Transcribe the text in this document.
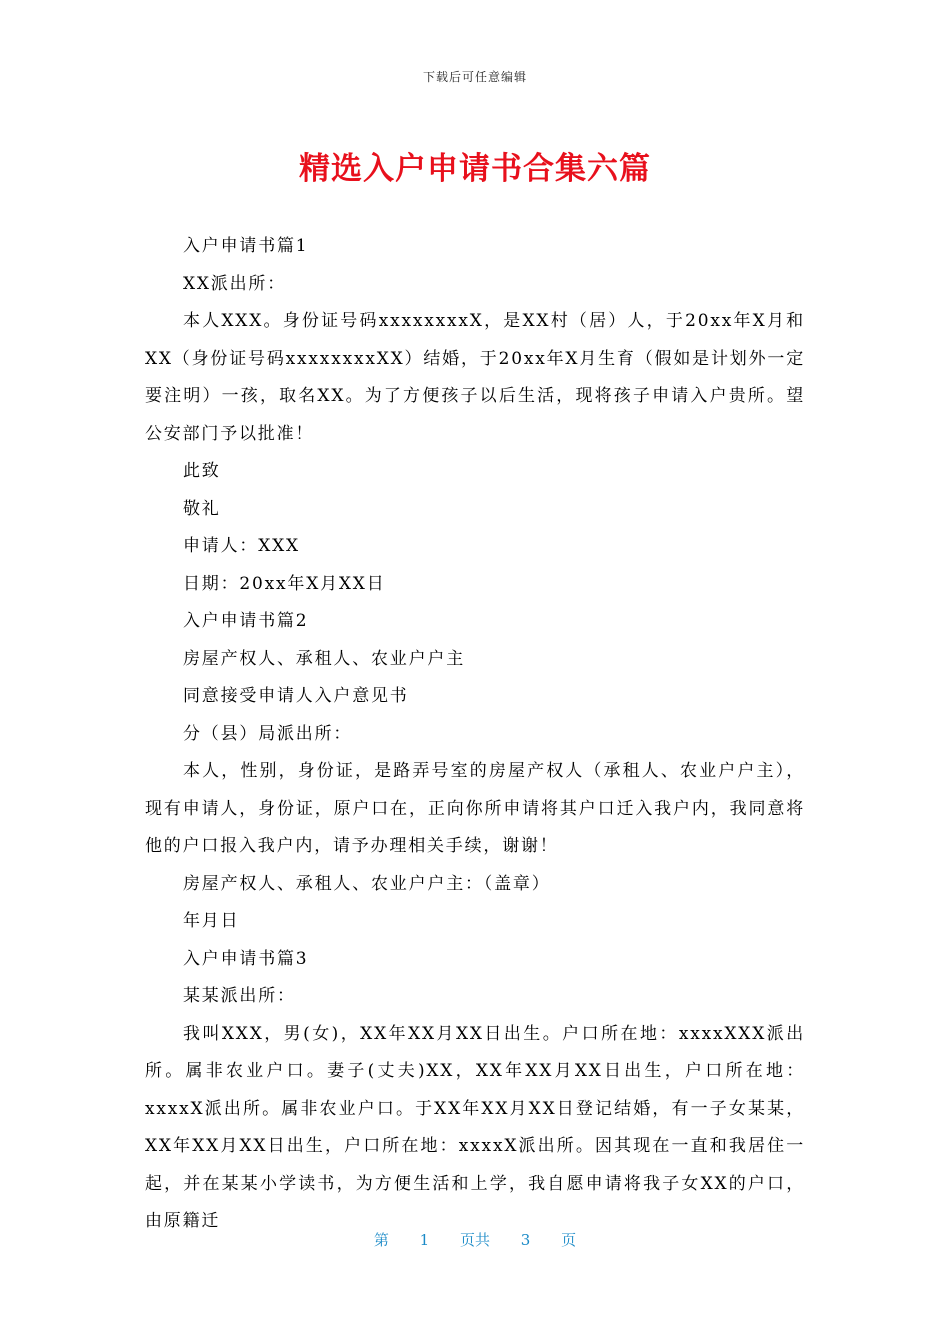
下载后可任意编辑
精选入户申请书合集六篇

入户申请书篇1

XX派出所：

本人XXX。身份证号码xxxxxxxxX，是XX村（居）人，于20xx年X月和XX（身份证号码xxxxxxxxXX）结婚，于20xx年X月生育（假如是计划外一定要注明）一孩，取名XX。为了方便孩子以后生活，现将孩子申请入户贵所。望公安部门予以批准！

此致

敬礼

申请人：XXX

日期：20xx年X月XX日

入户申请书篇2

房屋产权人、承租人、农业户户主

同意接受申请人入户意见书

分（县）局派出所：

本人，性别，身份证，是路弄号室的房屋产权人（承租人、农业户户主），现有申请人，身份证，原户口在，正向你所申请将其户口迁入我户内，我同意将他的户口报入我户内，请予办理相关手续，谢谢！

房屋产权人、承租人、农业户户主：（盖章）

年月日

入户申请书篇3

某某派出所：

我叫XXX，男(女)，XX年XX月XX日出生。户口所在地：xxxxXXX派出所。属非农业户口。妻子(丈夫)XX，XX年XX月XX日出生，户口所在地：xxxxX派出所。属非农业户口。于XX年XX月XX日登记结婚，有一子女某某，XX年XX月XX日出生，户口所在地：xxxxX派出所。因其现在一直和我居住一起，并在某某小学读书，为方便生活和上学，我自愿申请将我子女XX的户口，由原籍迁

第 1 页共 3 页
